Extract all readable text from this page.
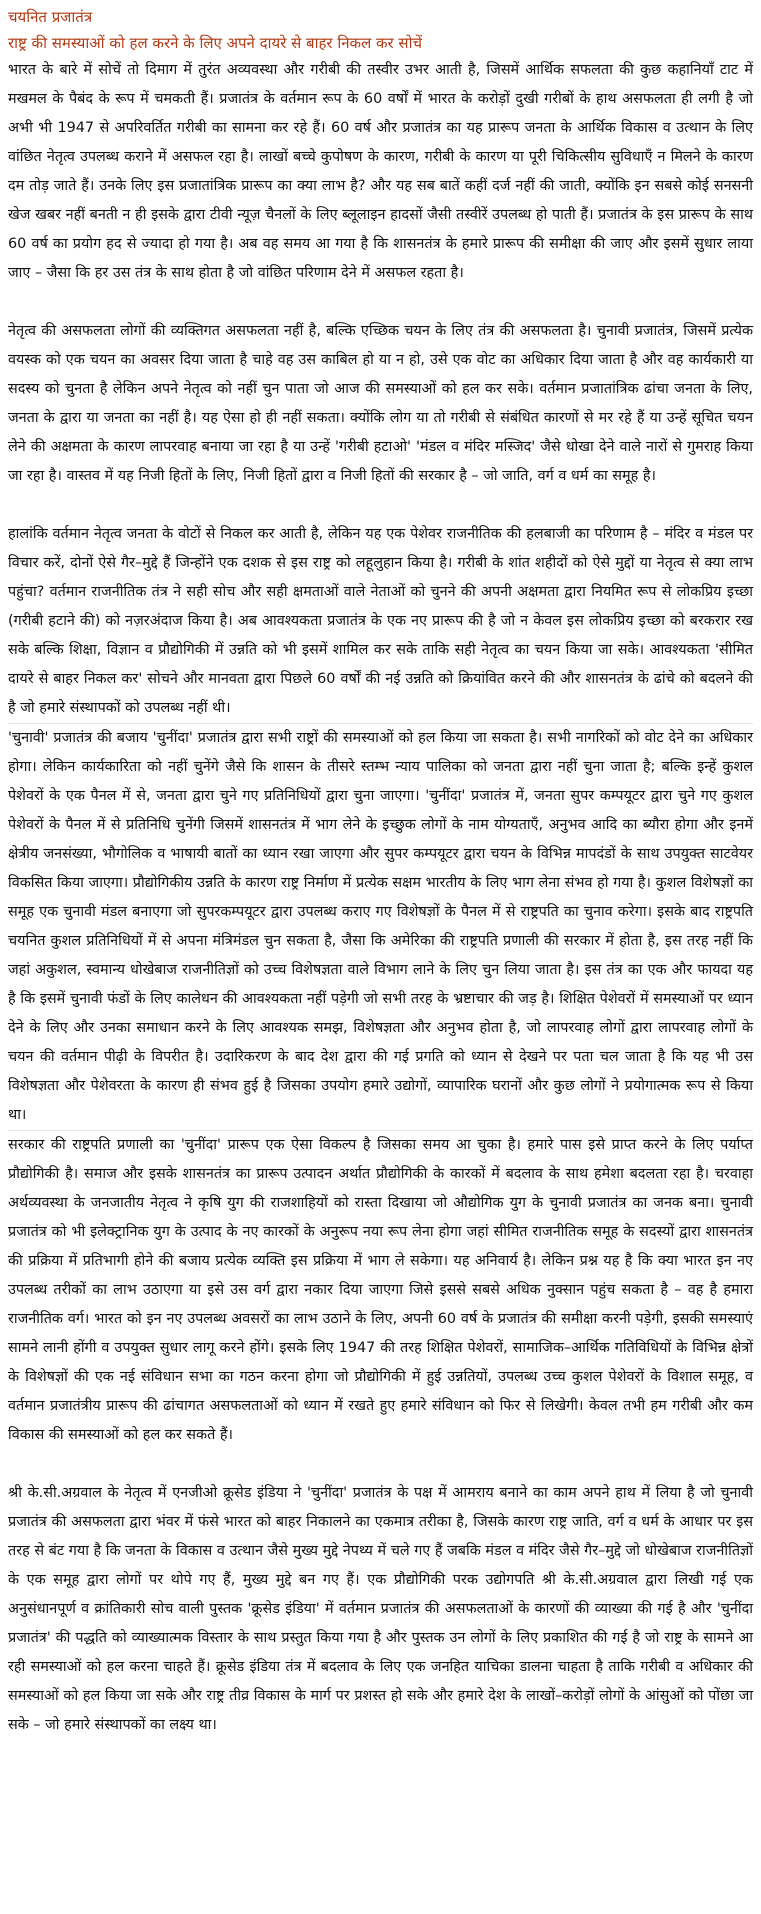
चयनित प्रजातंत्र
राष्ट्र की समस्याओं को हल करने के लिए अपने दायरे से बाहर निकल कर सोचें

भारत के बारे में सोचें तो दिमाग में तुरंत अव्यवस्था और गरीबी की तस्वीर उभर आती है, जिसमें आर्थिक सफलता की कुछ कहानियाँ टाट में मखमल के पैबंद के रूप में चमकती हैं। प्रजातंत्र के वर्तमान रूप के 60 वर्षों में भारत के करोड़ों दुखी गरीबों के हाथ असफलता ही लगी है जो अभी भी 1947 से अपरिवर्तित गरीबी का सामना कर रहे हैं। 60 वर्ष और प्रजातंत्र का यह प्रारूप जनता के आर्थिक विकास व उत्थान के लिए वांछित नेतृत्व उपलब्ध कराने में असफल रहा है। लाखों बच्चे कुपोषण के कारण, गरीबी के कारण या पूरी चिकित्सीय सुविधाएँ न मिलने के कारण दम तोड़ जाते हैं। उनके लिए इस प्रजातांत्रिक प्रारूप का क्या लाभ है? और यह सब बातें कहीं दर्ज नहीं की जाती, क्योंकि इन सबसे कोई सनसनी खेज खबर नहीं बनती न ही इसके द्वारा टीवी न्यूज़ चैनलों के लिए ब्लूलाइन हादसों जैसी तस्वीरें उपलब्ध हो पाती हैं। प्रजातंत्र के इस प्रारूप के साथ 60 वर्ष का प्रयोग हद से ज्यादा हो गया है। अब वह समय आ गया है कि शासनतंत्र के हमारे प्रारूप की समीक्षा की जाए और इसमें सुधार लाया जाए – जैसा कि हर उस तंत्र के साथ होता है जो वांछित परिणाम देने में असफल रहता है।

नेतृत्व की असफलता लोगों की व्यक्तिगत असफलता नहीं है, बल्कि एच्छिक चयन के लिए तंत्र की असफलता है। चुनावी प्रजातंत्र, जिसमें प्रत्येक वयस्क को एक चयन का अवसर दिया जाता है चाहे वह उस काबिल हो या न हो, उसे एक वोट का अधिकार दिया जाता है और वह कार्यकारी या सदस्य को चुनता है लेकिन अपने नेतृत्व को नहीं चुन पाता जो आज की समस्याओं को हल कर सके। वर्तमान प्रजातांत्रिक ढांचा जनता के लिए, जनता के द्वारा या जनता का नहीं है। यह ऐसा हो ही नहीं सकता। क्योंकि लोग या तो गरीबी से संबंधित कारणों से मर रहे हैं या उन्हें सूचित चयन लेने की अक्षमता के कारण लापरवाह बनाया जा रहा है या उन्हें 'गरीबी हटाओ' 'मंडल व मंदिर मस्जिद' जैसे धोखा देने वाले नारों से गुमराह किया जा रहा है। वास्तव में यह निजी हितों के लिए, निजी हितों द्वारा व निजी हितों की सरकार है – जो जाति, वर्ग व धर्म का समूह है।

हालांकि वर्तमान नेतृत्व जनता के वोटों से निकल कर आती है, लेकिन यह एक पेशेवर राजनीतिक की हलबाजी का परिणाम है – मंदिर व मंडल पर विचार करें, दोनों ऐसे गैर–मुद्दे हैं जिन्होंने एक दशक से इस राष्ट्र को लहूलुहान किया है। गरीबी के शांत शहीदों को ऐसे मुद्दों या नेतृत्व से क्या लाभ पहुंचा? वर्तमान राजनीतिक तंत्र ने सही सोच और सही क्षमताओं वाले नेताओं को चुनने की अपनी अक्षमता द्वारा नियमित रूप से लोकप्रिय इच्छा (गरीबी हटाने की) को नज़रअंदाज किया है। अब आवश्यकता प्रजातंत्र के एक नए प्रारूप की है जो न केवल इस लोकप्रिय इच्छा को बरकरार रख सके बल्कि शिक्षा, विज्ञान व प्रौद्योगिकी में उन्नति को भी इसमें शामिल कर सके ताकि सही नेतृत्व का चयन किया जा सके। आवश्यकता 'सीमित दायरे से बाहर निकल कर' सोचने और मानवता द्वारा पिछले 60 वर्षों की नई उन्नति को क्रियांवित करने की और शासनतंत्र के ढांचे को बदलने की है जो हमारे संस्थापकों को उपलब्ध नहीं थी।

'चुनावी' प्रजातंत्र की बजाय 'चुनींदा' प्रजातंत्र द्वारा सभी राष्ट्रों की समस्याओं को हल किया जा सकता है। सभी नागरिकों को वोट देने का अधिकार होगा। लेकिन कार्यकारिता को नहीं चुनेंगे जैसे कि शासन के तीसरे स्तम्भ न्याय पालिका को जनता द्वारा नहीं चुना जाता है; बल्कि इन्हें कुशल पेशेवरों के एक पैनल में से, जनता द्वारा चुने गए प्रतिनिधियों द्वारा चुना जाएगा। 'चुनींदा' प्रजातंत्र में, जनता सुपर कम्पयूटर द्वारा चुने गए कुशल पेशेवरों के पैनल में से प्रतिनिधि चुनेंगी जिसमें शासनतंत्र में भाग लेने के इच्छुक लोगों के नाम योग्यताएँ, अनुभव आदि का ब्यौरा होगा और इनमें क्षेत्रीय जनसंख्या, भौगोलिक व भाषायी बातों का ध्यान रखा जाएगा और सुपर कम्पयूटर द्वारा चयन के विभिन्न मापदंडों के साथ उपयुक्त साटवेयर विकसित किया जाएगा। प्रौद्योगिकीय उन्नति के कारण राष्ट्र निर्माण में प्रत्येक सक्षम भारतीय के लिए भाग लेना संभव हो गया है। कुशल विशेषज्ञों का समूह एक चुनावी मंडल बनाएगा जो सुपरकम्पयूटर द्वारा उपलब्ध कराए गए विशेषज्ञों के पैनल में से राष्ट्रपति का चुनाव करेगा। इसके बाद राष्ट्रपति चयनित कुशल प्रतिनिधियों में से अपना मंत्रिमंडल चुन सकता है, जैसा कि अमेरिका की राष्ट्रपति प्रणाली की सरकार में होता है, इस तरह नहीं कि जहां अकुशल, स्वमान्य धोखेबाज राजनीतिज्ञों को उच्च विशेषज्ञता वाले विभाग लाने के लिए चुन लिया जाता है। इस तंत्र का एक और फायदा यह है कि इसमें चुनावी फंडों के लिए कालेधन की आवश्यकता नहीं पड़ेगी जो सभी तरह के भ्रष्टाचार की जड़ है। शिक्षित पेशेवरों में समस्याओं पर ध्यान देने के लिए और उनका समाधान करने के लिए आवश्यक समझ, विशेषज्ञता और अनुभव होता है, जो लापरवाह लोगों द्वारा लापरवाह लोगों के चयन की वर्तमान पीढ़ी के विपरीत है। उदारिकरण के बाद देश द्वारा की गई प्रगति को ध्यान से देखने पर पता चल जाता है कि यह भी उस विशेषज्ञता और पेशेवरता के कारण ही संभव हुई है जिसका उपयोग हमारे उद्योगों, व्यापारिक घरानों और कुछ लोगों ने प्रयोगात्मक रूप से किया था।

सरकार की राष्ट्रपति प्रणाली का 'चुनींदा' प्रारूप एक ऐसा विकल्प है जिसका समय आ चुका है। हमारे पास इसे प्राप्त करने के लिए पर्याप्त प्रौद्योगिकी है। समाज और इसके शासनतंत्र का प्रारूप उत्पादन अर्थात प्रौद्योगिकी के कारकों में बदलाव के साथ हमेशा बदलता रहा है। चरवाहा अर्थव्यवस्था के जनजातीय नेतृत्व ने कृषि युग की राजशाहियों को रास्ता दिखाया जो औद्योगिक युग के चुनावी प्रजातंत्र का जनक बना। चुनावी प्रजातंत्र को भी इलेक्ट्रानिक युग के उत्पाद के नए कारकों के अनुरूप नया रूप लेना होगा जहां सीमित राजनीतिक समूह के सदस्यों द्वारा शासनतंत्र की प्रक्रिया में प्रतिभागी होने की बजाय प्रत्येक व्यक्ति इस प्रक्रिया में भाग ले सकेगा। यह अनिवार्य है। लेकिन प्रश्न यह है कि क्या भारत इन नए उपलब्ध तरीकों का लाभ उठाएगा या इसे उस वर्ग द्वारा नकार दिया जाएगा जिसे इससे सबसे अधिक नुक्सान पहुंच सकता है – वह है हमारा राजनीतिक वर्ग। भारत को इन नए उपलब्ध अवसरों का लाभ उठाने के लिए, अपनी 60 वर्ष के प्रजातंत्र की समीक्षा करनी पड़ेगी, इसकी समस्याएं सामने लानी होंगी व उपयुक्त सुधार लागू करने होंगे। इसके लिए 1947 की तरह शिक्षित पेशेवरों, सामाजिक–आर्थिक गतिविधियों के विभिन्न क्षेत्रों के विशेषज्ञों की एक नई संविधान सभा का गठन करना होगा जो प्रौद्योगिकी में हुई उन्नतियों, उपलब्ध उच्च कुशल पेशेवरों के विशाल समूह, व वर्तमान प्रजातंत्रीय प्रारूप की ढांचागत असफलताओं को ध्यान में रखते हुए हमारे संविधान को फिर से लिखेगी। केवल तभी हम गरीबी और कम विकास की समस्याओं को हल कर सकते हैं।

श्री के.सी.अग्रवाल के नेतृत्व में एनजीओ क्रूसेड इंडिया ने 'चुनींदा' प्रजातंत्र के पक्ष में आमराय बनाने का काम अपने हाथ में लिया है जो चुनावी प्रजातंत्र की असफलता द्वारा भंवर में फंसे भारत को बाहर निकालने का एकमात्र तरीका है, जिसके कारण राष्ट्र जाति, वर्ग व धर्म के आधार पर इस तरह से बंट गया है कि जनता के विकास व उत्थान जैसे मुख्य मुद्दे नेपथ्य में चले गए हैं जबकि मंडल व मंदिर जैसे गैर–मुद्दे जो धोखेबाज राजनीतिज्ञों के एक समूह द्वारा लोगों पर थोपे गए हैं, मुख्य मुद्दे बन गए हैं। एक प्रौद्योगिकी परक उद्योगपति श्री के.सी.अग्रवाल द्वारा लिखी गई एक अनुसंधानपूर्ण व क्रांतिकारी सोच वाली पुस्तक 'क्रूसेड इंडिया' में वर्तमान प्रजातंत्र की असफलताओं के कारणों की व्याख्या की गई है और 'चुनींदा प्रजातंत्र' की पद्धति को व्याख्यात्मक विस्तार के साथ प्रस्तुत किया गया है और पुस्तक उन लोगों के लिए प्रकाशित की गई है जो राष्ट्र के सामने आ रही समस्याओं को हल करना चाहते हैं। क्रूसेड इंडिया तंत्र में बदलाव के लिए एक जनहित याचिका डालना चाहता है ताकि गरीबी व अधिकार की समस्याओं को हल किया जा सके और राष्ट्र तीव्र विकास के मार्ग पर प्रशस्त हो सके और हमारे देश के लाखों–करोड़ों लोगों के आंसुओं को पोंछा जा सके – जो हमारे संस्थापकों का लक्ष्य था।
